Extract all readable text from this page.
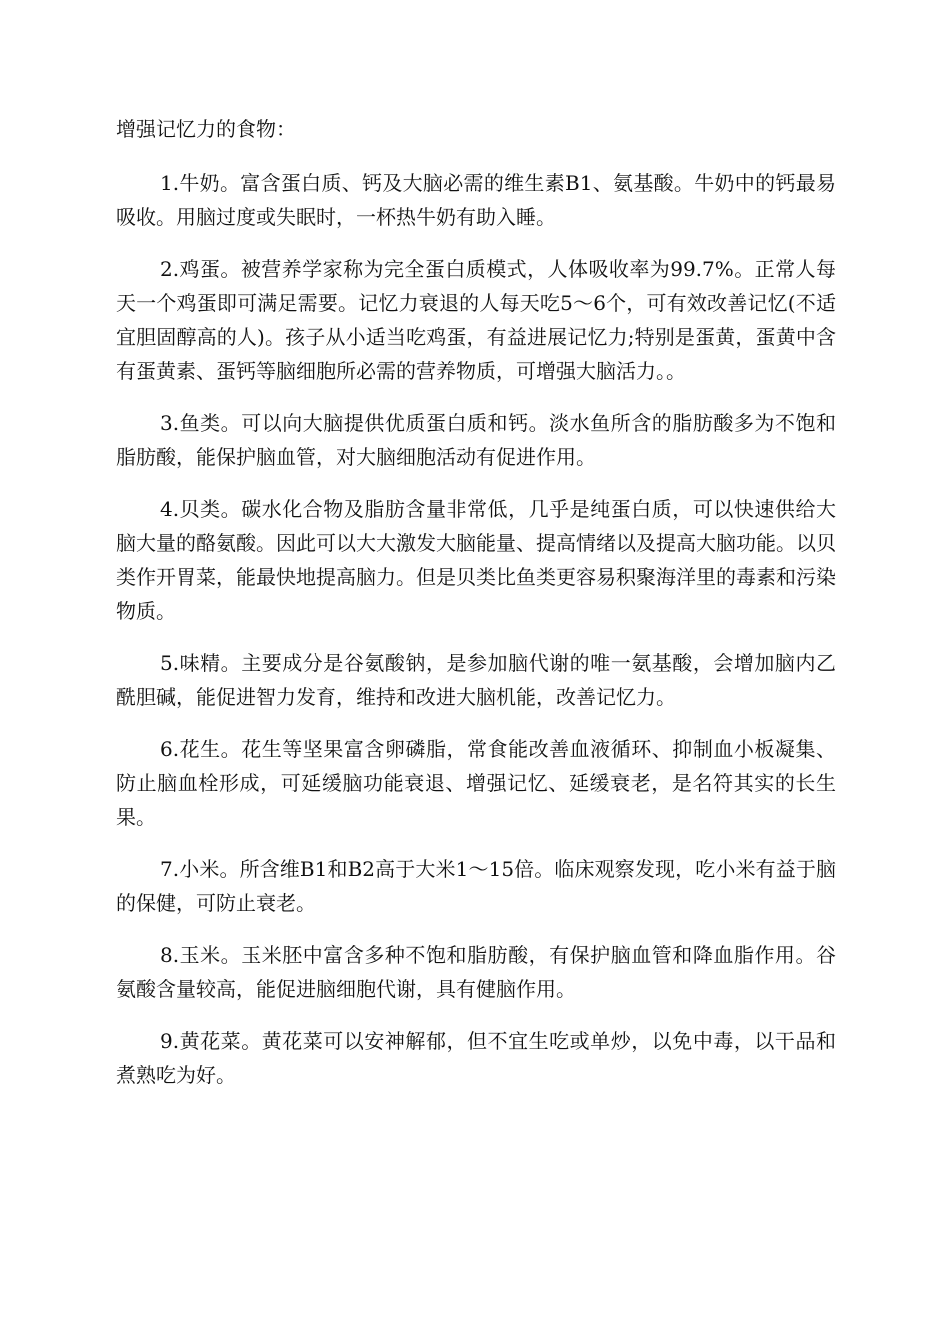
增强记忆力的食物：

1.牛奶。富含蛋白质、钙及大脑必需的维生素B1、氨基酸。牛奶中的钙最易吸收。用脑过度或失眠时，一杯热牛奶有助入睡。
2.鸡蛋。被营养学家称为完全蛋白质模式，人体吸收率为99.7%。正常人每天一个鸡蛋即可满足需要。记忆力衰退的人每天吃5～6个，可有效改善记忆(不适宜胆固醇高的人)。孩子从小适当吃鸡蛋，有益进展记忆力;特别是蛋黄，蛋黄中含有蛋黄素、蛋钙等脑细胞所必需的营养物质，可增强大脑活力。。
3.鱼类。可以向大脑提供优质蛋白质和钙。淡水鱼所含的脂肪酸多为不饱和脂肪酸，能保护脑血管，对大脑细胞活动有促进作用。
4.贝类。碳水化合物及脂肪含量非常低，几乎是纯蛋白质，可以快速供给大脑大量的酪氨酸。因此可以大大激发大脑能量、提高情绪以及提高大脑功能。以贝类作开胃菜，能最快地提高脑力。但是贝类比鱼类更容易积聚海洋里的毒素和污染物质。
5.味精。主要成分是谷氨酸钠，是参加脑代谢的唯一氨基酸，会增加脑内乙酰胆碱，能促进智力发育，维持和改进大脑机能，改善记忆力。
6.花生。花生等坚果富含卵磷脂，常食能改善血液循环、抑制血小板凝集、防止脑血栓形成，可延缓脑功能衰退、增强记忆、延缓衰老，是名符其实的长生果。
7.小米。所含维B1和B2高于大米1～15倍。临床观察发现，吃小米有益于脑的保健，可防止衰老。
8.玉米。玉米胚中富含多种不饱和脂肪酸，有保护脑血管和降血脂作用。谷氨酸含量较高，能促进脑细胞代谢，具有健脑作用。
9.黄花菜。黄花菜可以安神解郁，但不宜生吃或单炒，以免中毒，以干品和煮熟吃为好。
